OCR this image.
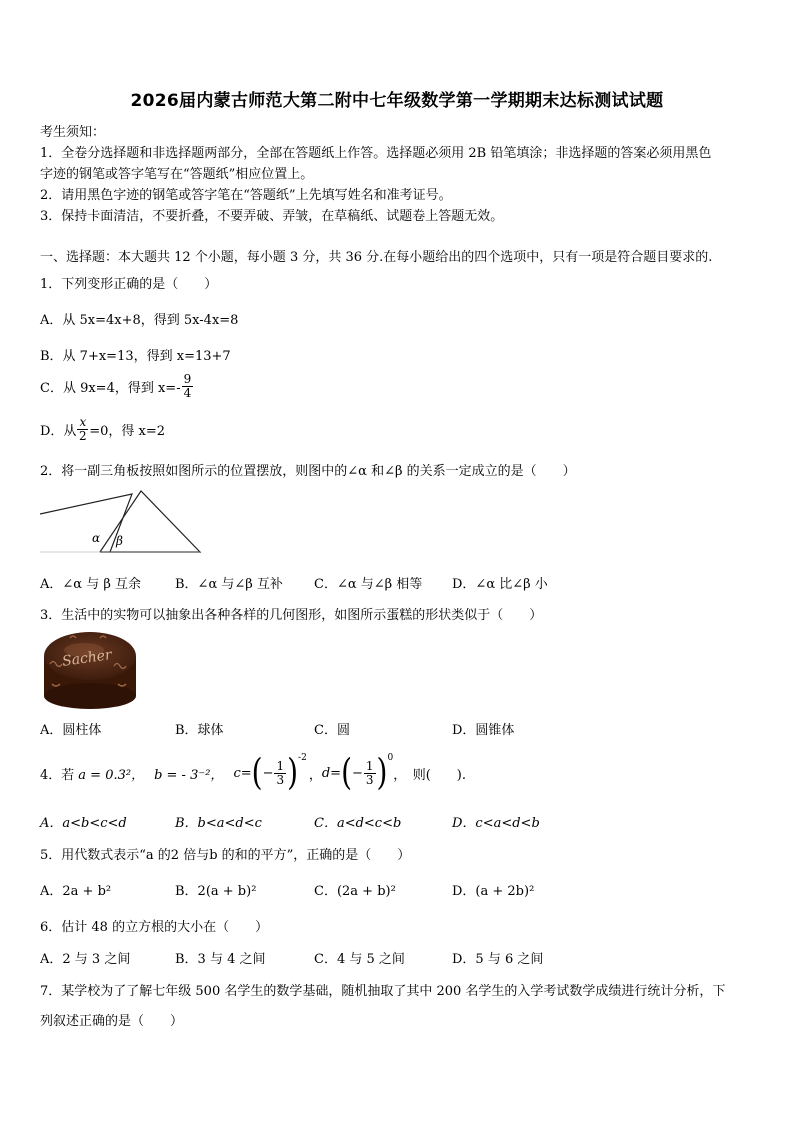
2026届内蒙古师范大第二附中七年级数学第一学期期末达标测试试题
考生须知：
1．全卷分选择题和非选择题两部分，全部在答题纸上作答。选择题必须用 2B 铅笔填涂；非选择题的答案必须用黑色
字迹的钢笔或答字笔写在“答题纸”相应位置上。
2．请用黑色字迹的钢笔或答字笔在“答题纸”上先填写姓名和准考证号。
3．保持卡面清洁，不要折叠，不要弄破、弄皱，在草稿纸、试题卷上答题无效。
一、选择题：本大题共 12 个小题，每小题 3 分，共 36 分.在每小题给出的四个选项中，只有一项是符合题目要求的.
1．下列变形正确的是（　　）
A．从 5x=4x+8，得到 5x-4x=8
B．从 7+x=13，得到 x=13+7
C．从 9x=4，得到 $x=- \frac{9}{4}$
D．从 $\frac{x}{2} =0$，得 x=2
2．将一副三角板按照如图所示的位置摆放，则图中的∠α 和∠β 的关系一定成立的是（　　）
α β
A．∠α 与 β 互余	B．∠α 与∠β 互补 C．∠α 与∠β 相等 D．∠α 比∠β 小
3．生活中的实物可以抽象出各种各样的几何图形，如图所示蛋糕的形状类似于（　　）
Sacher
A．圆柱体	B．球体	C．圆	D．圆锥体
4．若 a = 0.3²， b = - 3⁻²， c= ( − $\frac{1}{3}$ ) -2
， d= ( − $\frac{1}{3}$ ) 0
，　则(　　).
A．a<b<c<d	B．b<a<d<c	C．a<d<c<b	D．c<a<d<b
5．用代数式表示“a 的2 倍与b 的和的平方”，正确的是（　　）
A．2a + b²	B．2(a + b)²	C．(2a + b)²	D．(a + 2b)²
6．估计 48 的立方根的大小在（　　）
A．2 与 3 之间	B．3 与 4 之间	C．4 与 5 之间	D．5 与 6 之间
7．某学校为了了解七年级 500 名学生的数学基础，随机抽取了其中 200 名学生的入学考试数学成绩进行统计分析，下
列叙述正确的是（　　）
